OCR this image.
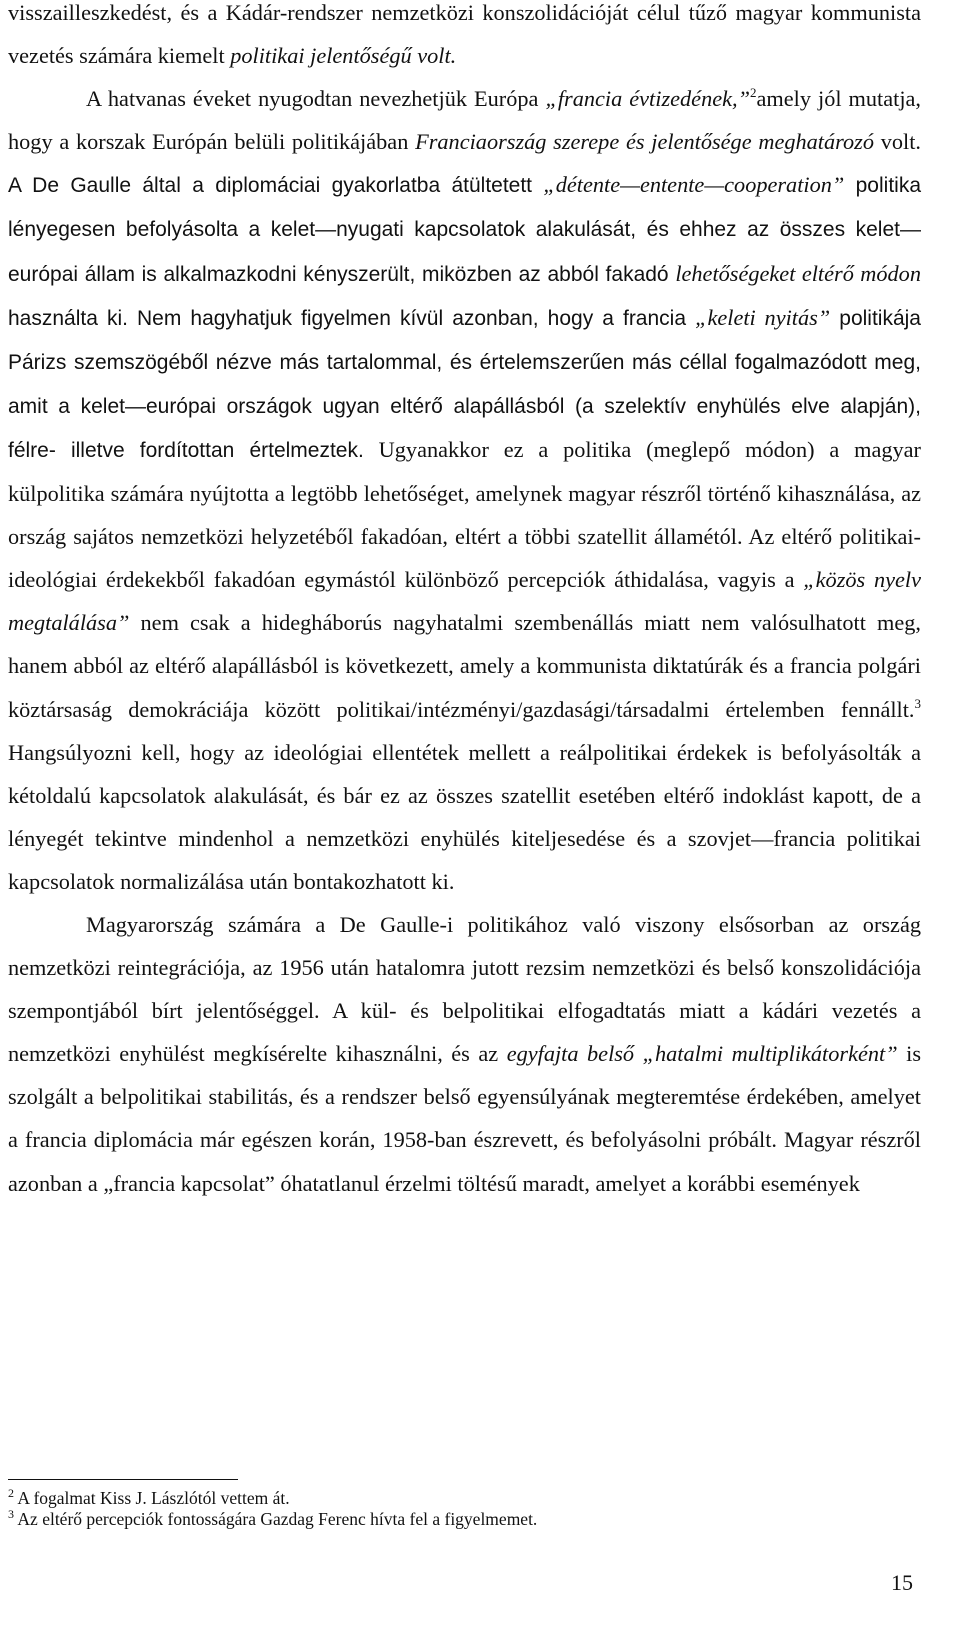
visszailleszkedést, és a Kádár-rendszer nemzetközi konszolidációját célul tűző magyar kommunista vezetés számára kiemelt politikai jelentőségű volt.

A hatvanas éveket nyugodtan nevezhetjük Európa „francia évtizedének,”$^2$amely jól mutatja, hogy a korszak Európán belüli politikájában Franciaország szerepe és jelentősége meghatározó volt. A De Gaulle által a diplomáciai gyakorlatba átültetett „détente—entente—cooperation” politika lényegesen befolyásolta a kelet—nyugati kapcsolatok alakulását, és ehhez az összes kelet—európai állam is alkalmazkodni kényszerült, miközben az abból fakadó lehetőségeket eltérő módon használta ki. Nem hagyhatjuk figyelmen kívül azonban, hogy a francia „keleti nyitás” politikája Párizs szemszögéből nézve más tartalommal, és értelemszerűen más céllal fogalmazódott meg, amit a kelet—európai országok ugyan eltérő alapállásból (a szelektív enyhülés elve alapján), félre- illetve fordítottan értelmeztek. Ugyanakkor ez a politika (meglepő módon) a magyar külpolitika számára nyújtotta a legtöbb lehetőséget, amelynek magyar részről történő kihasználása, az ország sajátos nemzetközi helyzetéből fakadóan, eltért a többi szatellit államétól. Az eltérő politikai-ideológiai érdekekből fakadóan egymástól különböző percepciók áthidalása, vagyis a „közös nyelv megtalálása” nem csak a hidegháborús nagyhatalmi szembenállás miatt nem valósulhatott meg, hanem abból az eltérő alapállásból is következett, amely a kommunista diktatúrák és a francia polgári köztársaság demokráciája között politikai/intézményi/gazdasági/társadalmi értelemben fennállt.$^3$ Hangsúlyozni kell, hogy az ideológiai ellentétek mellett a reálpolitikai érdekek is befolyásolták a kétoldalú kapcsolatok alakulását, és bár ez az összes szatellit esetében eltérő indoklást kapott, de a lényegét tekintve mindenhol a nemzetközi enyhülés kiteljesedése és a szovjet—francia politikai kapcsolatok normalizálása után bontakozhatott ki.

Magyarország számára a De Gaulle-i politikához való viszony elsősorban az ország nemzetközi reintegrációja, az 1956 után hatalomra jutott rezsim nemzetközi és belső konszolidációja szempontjából bírt jelentőséggel. A kül- és belpolitikai elfogadtatás miatt a kádári vezetés a nemzetközi enyhülést megkísérelte kihasználni, és az egyfajta belső „hatalmi multiplikátorként” is szolgált a belpolitikai stabilitás, és a rendszer belső egyensúlyának megteremtése érdekében, amelyet a francia diplomácia már egészen korán, 1958-ban észrevett, és befolyásolni próbált. Magyar részről azonban a „francia kapcsolat” óhatatlanul érzelmi töltésű maradt, amelyet a korábbi események

$^2$ A fogalmat Kiss J. Lászlótól vettem át.

$^3$ Az eltérő percepciók fontosságára Gazdag Ferenc hívta fel a figyelmemet.

15
